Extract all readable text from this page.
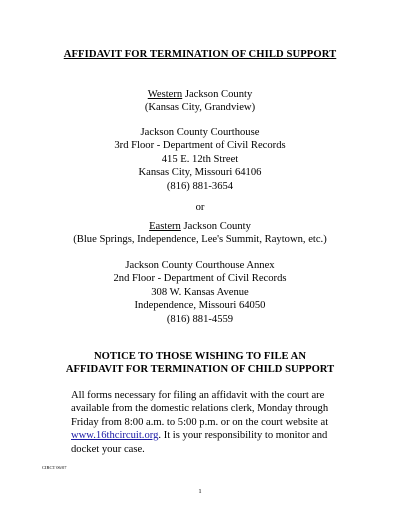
AFFIDAVIT FOR TERMINATION OF CHILD SUPPORT
Western Jackson County
(Kansas City, Grandview)
Jackson County Courthouse
3rd Floor - Department of Civil Records
415 E. 12th Street
Kansas City, Missouri 64106
(816) 881-3654
or
Eastern Jackson County
(Blue Springs, Independence, Lee's Summit, Raytown, etc.)
Jackson County Courthouse Annex
2nd Floor - Department of Civil Records
308 W. Kansas Avenue
Independence, Missouri 64050
(816) 881-4559
NOTICE TO THOSE WISHING TO FILE AN
AFFIDAVIT FOR TERMINATION OF CHILD SUPPORT
All forms necessary for filing an affidavit with the court are
available from the domestic relations clerk, Monday through
Friday from 8:00 a.m. to 5:00 p.m. or on the court website at
www.16thcircuit.org. It is your responsibility to monitor and
docket your case.
CIRCT 06/07
1
